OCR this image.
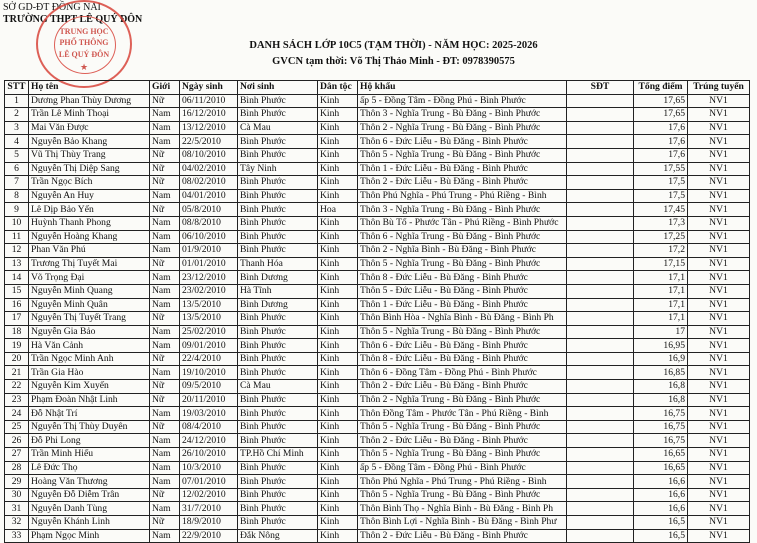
SỞ GD-ĐT ĐỒNG NAI
TRƯỜNG THPT LÊ QUÝ ĐÔN
TRUNG HỌC
PHỔ THÔNG
LÊ QUÝ ĐÔN
★
DANH SÁCH LỚP 10C5 (TẠM THỜI) - NĂM HỌC: 2025-2026
GVCN tạm thời: Võ Thị Thảo Minh - ĐT: 0978390575
STT	Họ tên	Giới	Ngày sinh	Nơi sinh	Dân tộc	Hộ khẩu	SĐT	Tổng điểm	Trúng tuyển
1	Dương Phan Thùy Dương	Nữ	06/11/2010	Bình Phước	Kinh	ấp 5 - Đồng Tâm - Đồng Phú - Bình Phước		17,65	NV1
2	Trần Lê Minh Thoại	Nam	16/12/2010	Bình Phước	Kinh	Thôn 3 - Nghĩa Trung - Bù Đăng - Bình Phước		17,65	NV1
3	Mai Văn Được	Nam	13/12/2010	Cà Mau	Kinh	Thôn 2 - Nghĩa Trung - Bù Đăng - Bình Phước		17,6	NV1
4	Nguyễn Bảo Khang	Nam	22/5/2010	Bình Phước	Kinh	Thôn 6 - Đức Liễu - Bù Đăng - Bình Phước		17,6	NV1
5	Vũ Thị Thùy Trang	Nữ	08/10/2010	Bình Phước	Kinh	Thôn 5 - Nghĩa Trung - Bù Đăng - Bình Phước		17,6	NV1
6	Nguyễn Thị Diệp Sang	Nữ	04/02/2010	Tây Ninh	Kinh	Thôn 1 - Đức Liễu - Bù Đăng - Bình Phước		17,55	NV1
7	Trần Ngọc Bích	Nữ	08/02/2010	Bình Phước	Kinh	Thôn 2 - Đức Liễu - Bù Đăng - Bình Phước		17,5	NV1
8	Nguyễn An Huy	Nam	04/01/2010	Bình Phước	Kinh	Thôn Phú Nghĩa - Phú Trung - Phú Riềng - Bình		17,5	NV1
9	Lê Dịp Bảo Yến	Nữ	05/8/2010	Bình Phước	Hoa	Thôn 3 - Nghĩa Trung - Bù Đăng - Bình Phước		17,45	NV1
10	Huỳnh Thanh Phong	Nam	08/8/2010	Bình Phước	Kinh	Thôn Bù Tố - Phước Tân - Phú Riềng - Bình Phước		17,3	NV1
11	Nguyễn Hoàng Khang	Nam	06/10/2010	Bình Phước	Kinh	Thôn 6 - Nghĩa Trung - Bù Đăng - Bình Phước		17,25	NV1
12	Phan Văn Phú	Nam	01/9/2010	Bình Phước	Kinh	Thôn 2 - Nghĩa Bình - Bù Đăng - Bình Phước		17,2	NV1
13	Trương Thị Tuyết Mai	Nữ	01/01/2010	Thanh Hóa	Kinh	Thôn 5 - Nghĩa Trung - Bù Đăng - Bình Phước		17,15	NV1
14	Võ Trọng Đại	Nam	23/12/2010	Bình Dương	Kinh	Thôn 8 - Đức Liễu - Bù Đăng - Bình Phước		17,1	NV1
15	Nguyễn Minh Quang	Nam	23/02/2010	Hà Tĩnh	Kinh	Thôn 5 - Đức Liễu - Bù Đăng - Bình Phước		17,1	NV1
16	Nguyễn Minh Quân	Nam	13/5/2010	Bình Dương	Kinh	Thôn 1 - Đức Liễu - Bù Đăng - Bình Phước		17,1	NV1
17	Nguyễn Thị Tuyết Trang	Nữ	13/5/2010	Bình Phước	Kinh	Thôn Bình Hòa - Nghĩa Bình - Bù Đăng - Bình Ph		17,1	NV1
18	Nguyễn Gia Bảo	Nam	25/02/2010	Bình Phước	Kinh	Thôn 5 - Nghĩa Trung - Bù Đăng - Bình Phước		17	NV1
19	Hà Văn Cảnh	Nam	09/01/2010	Bình Phước	Kinh	Thôn 6 - Đức Liễu - Bù Đăng - Bình Phước		16,95	NV1
20	Trần Ngọc Minh Anh	Nữ	22/4/2010	Bình Phước	Kinh	Thôn 8 - Đức Liễu - Bù Đăng - Bình Phước		16,9	NV1
21	Trần Gia Hào	Nam	19/10/2010	Bình Phước	Kinh	Thôn 6 - Đồng Tâm - Đồng Phú - Bình Phước		16,85	NV1
22	Nguyễn Kim Xuyến	Nữ	09/5/2010	Cà Mau	Kinh	Thôn 2 - Đức Liễu - Bù Đăng - Bình Phước		16,8	NV1
23	Phạm Đoàn Nhật Linh	Nữ	20/11/2010	Bình Phước	Kinh	Thôn 2 - Nghĩa Trung - Bù Đăng - Bình Phước		16,8	NV1
24	Đỗ Nhật Trí	Nam	19/03/2010	Bình Phước	Kinh	Thôn Đồng Tâm - Phước Tân - Phú Riềng - Bình		16,75	NV1
25	Nguyễn Thị Thùy Duyên	Nữ	08/4/2010	Bình Phước	Kinh	Thôn 5 - Nghĩa Trung - Bù Đăng - Bình Phước		16,75	NV1
26	Đỗ Phi Long	Nam	24/12/2010	Bình Phước	Kinh	Thôn 2 - Đức Liễu - Bù Đăng - Bình Phước		16,75	NV1
27	Trần Minh Hiếu	Nam	26/10/2010	TP.Hồ Chí Minh	Kinh	Thôn 5 - Nghĩa Trung - Bù Đăng - Bình Phước		16,65	NV1
28	Lê Đức Thọ	Nam	10/3/2010	Bình Phước	Kinh	ấp 5 - Đồng Tâm - Đồng Phú - Bình Phước		16,65	NV1
29	Hoàng Văn Thương	Nam	07/01/2010	Bình Phước	Kinh	Thôn Phú Nghĩa - Phú Trung - Phú Riềng - Bình		16,6	NV1
30	Nguyễn Đỗ Diễm Trân	Nữ	12/02/2010	Bình Phước	Kinh	Thôn 5 - Nghĩa Trung - Bù Đăng - Bình Phước		16,6	NV1
31	Nguyễn Danh Tùng	Nam	31/7/2010	Bình Phước	Kinh	Thôn Bình Thọ - Nghĩa Bình - Bù Đăng - Bình Ph		16,6	NV1
32	Nguyễn Khánh Linh	Nữ	18/9/2010	Bình Phước	Kinh	Thôn Bình Lợi - Nghĩa Bình - Bù Đăng - Bình Phư		16,5	NV1
33	Phạm Ngọc Minh	Nam	22/9/2010	Đắk Nông	Kinh	Thôn 2 - Đức Liễu - Bù Đăng - Bình Phước		16,5	NV1
